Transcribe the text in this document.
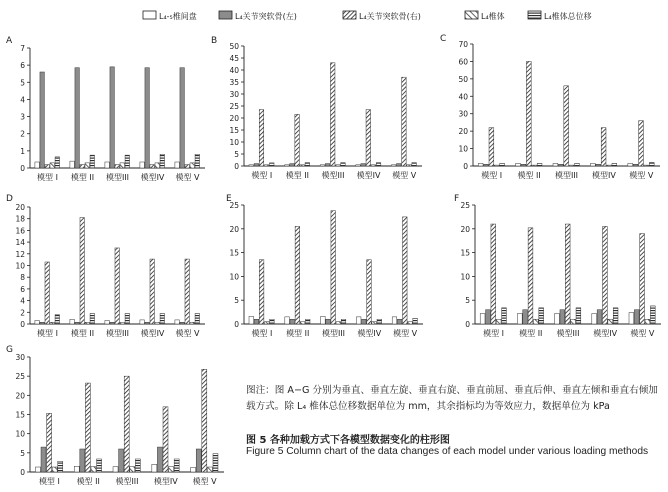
L₄-₅椎间盘	L₄关节突软骨(左)	L₄关节突软骨(右)	L₄椎体	L₄椎体总位移
A
0
1
2
3
4
5
6
7
模型 I 模型 II 模型III 模型IV 模型 V
B
0
5
10
15
20
25
30
35
40
45
50
模型 I 模型 II 模型III 模型IV 模型 V
C
0
10
20
30
40
50
60
70
模型 I 模型 II 模型III 模型IV 模型 V
D
0
2
4
6
8
10
12
14
16
18
20
模型 I 模型 II 模型III 模型IV 模型 V
E
0
5
10
15
20
25
模型 I 模型 II 模型III 模型IV 模型 V
F
0
5
10
15
20
25
模型 I 模型 II 模型III 模型IV 模型 V
G
0
5
10
15
20
25
30
模型 I 模型 II 模型III 模型IV 模型 V
图注：图 A−G 分别为垂直、垂直左旋、垂直右旋、垂直前屈、垂直后伸、垂直左倾和垂直右倾加载方式。除 L₄ 椎体总位移数据单位为 mm，其余指标均为等效应力，数据单位为 kPa
图 5 各种加载方式下各模型数据变化的柱形图
Figure 5 Column chart of the data changes of each model under various loading methods
